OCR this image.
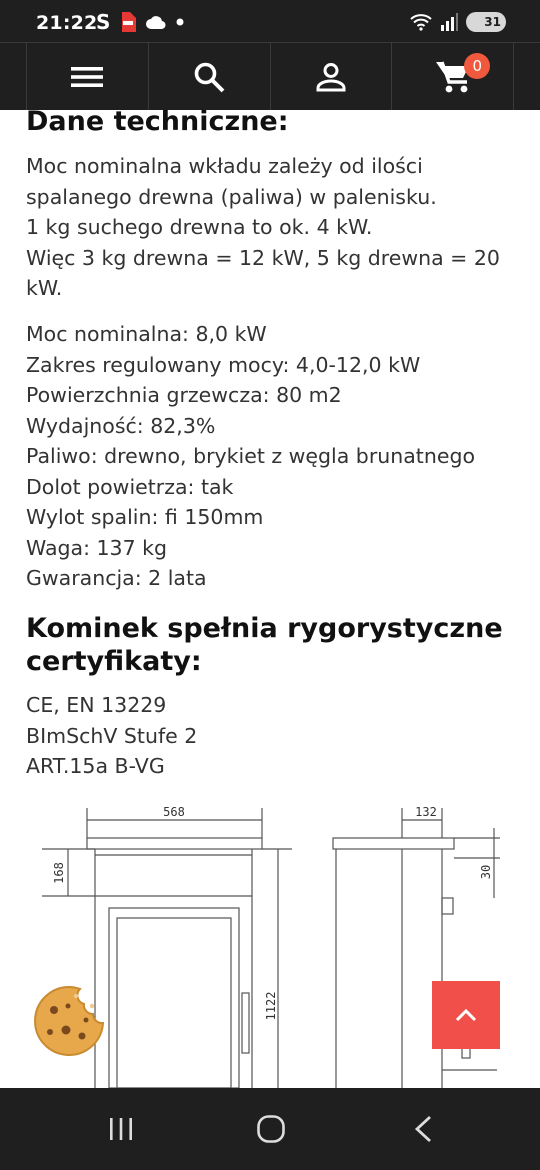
21:22
S	31
0
Dane techniczne:
Moc nominalna wkładu zależy od ilości
spalanego drewna (paliwa) w palenisku.
1 kg suchego drewna to ok. 4 kW.
Więc 3 kg drewna = 12 kW, 5 kg drewna = 20
kW.
Moc nominalna: 8,0 kW
Zakres regulowany mocy: 4,0-12,0 kW
Powierzchnia grzewcza: 80 m2
Wydajność: 82,3%
Paliwo: drewno, brykiet z węgla brunatnego
Dolot powietrza: tak
Wylot spalin: fi 150mm
Waga: 137 kg
Gwarancja: 2 lata
Kominek spełnia rygorystyczne
certyfikaty:
CE, EN 13229
BImSchV Stufe 2
ART.15a B-VG
568
168
1122
132
30
